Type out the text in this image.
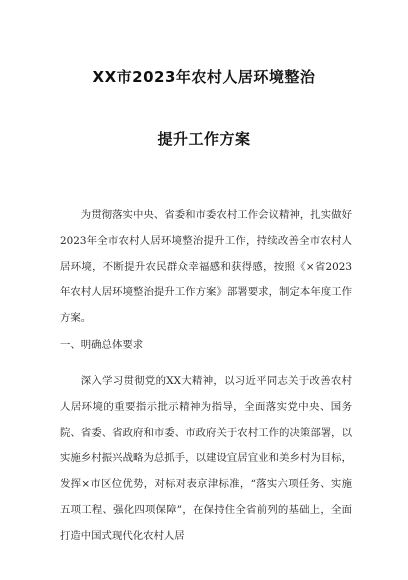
XX市2023年农村人居环境整治
提升工作方案

为贯彻落实中央、省委和市委农村工作会议精神，扎实做好2023年全市农村人居环境整治提升工作，持续改善全市农村人居环境，不断提升农民群众幸福感和获得感，按照《×省2023年农村人居环境整治提升工作方案》部署要求，制定本年度工作方案。

一、明确总体要求

深入学习贯彻党的XX大精神，以习近平同志关于改善农村人居环境的重要指示批示精神为指导，全面落实党中央、国务院、省委、省政府和市委、市政府关于农村工作的决策部署，以实施乡村振兴战略为总抓手，以建设宜居宜业和美乡村为目标，发挥×市区位优势，对标对表京津标准，“落实六项任务、实施五项工程、强化四项保障”，在保持住全省前列的基础上，全面打造中国式现代化农村人居
